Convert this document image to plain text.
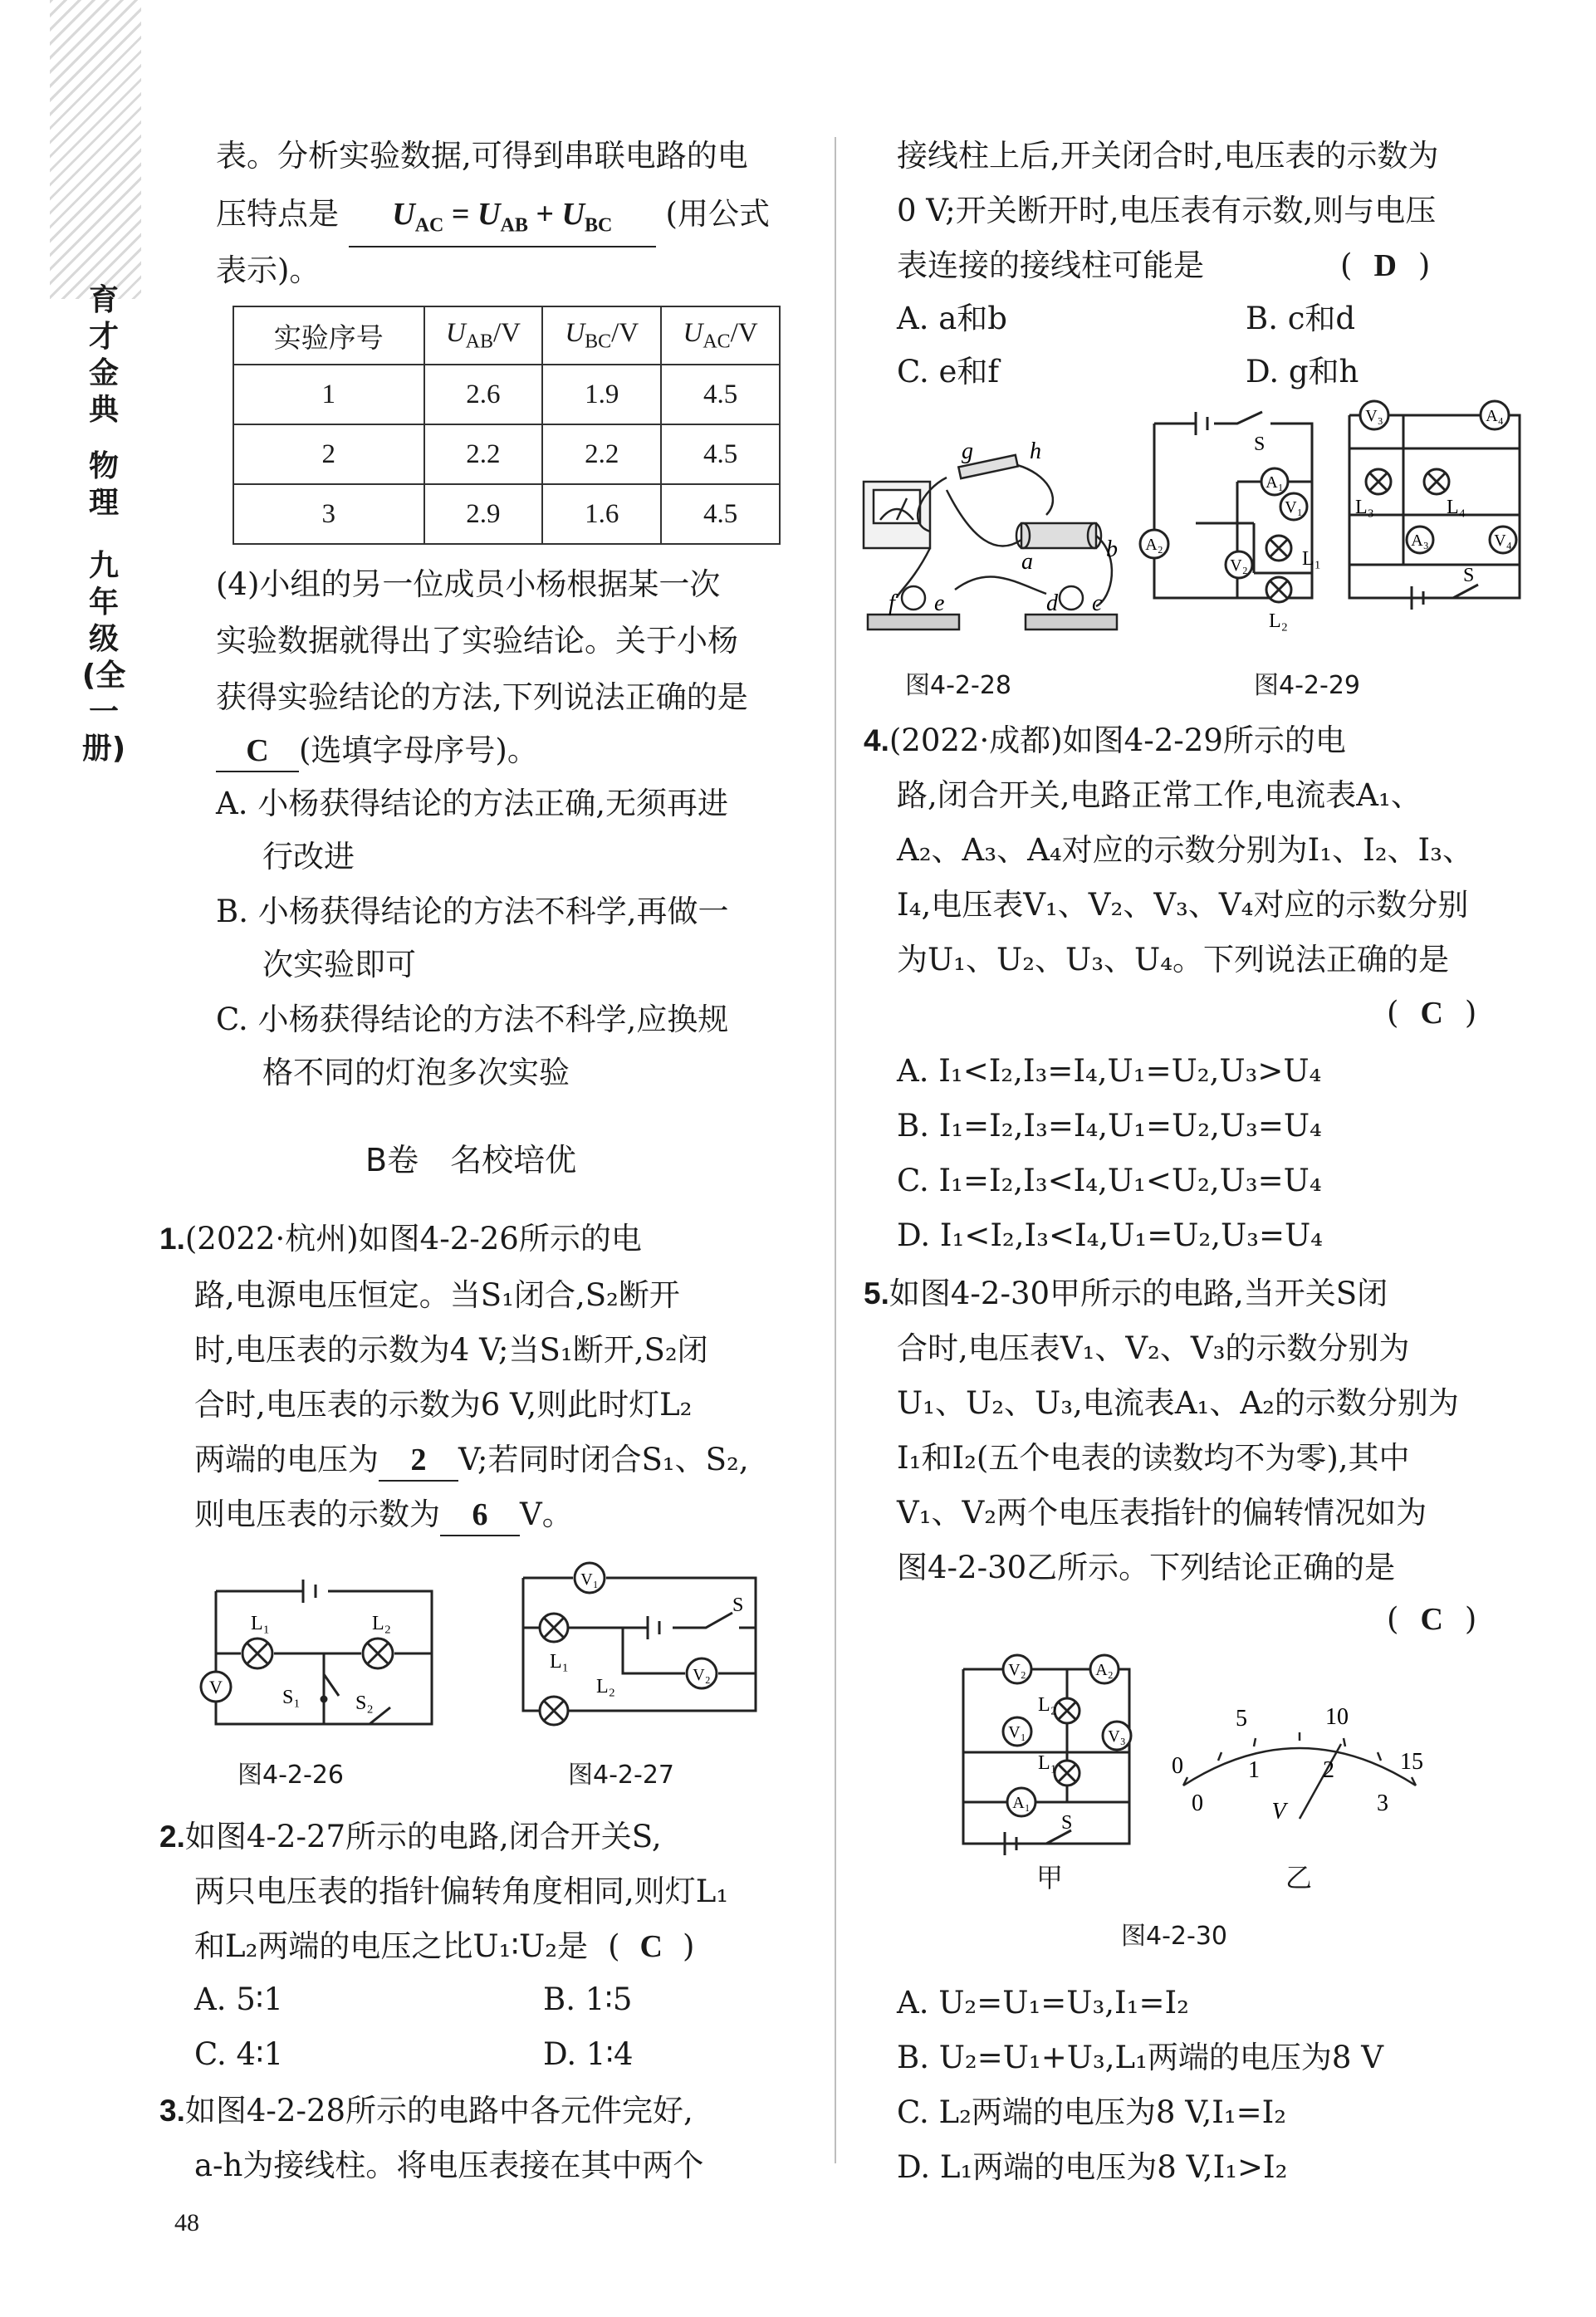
育
才
金
典
物
理
九
年
级
(全
一
册)
表。分析实验数据,可得到串联电路的电
压特点是 $U_{AC} = U_{AB} + U_{BC}$ (用公式
表示)。
实验序号	$U_{AB}/V$	$U_{BC}/V$	$U_{AC}/V$
1	2.6	1.9	4.5
2	2.2	2.2	4.5
3	2.9	1.6	4.5
(4)小组的另一位成员小杨根据某一次
实验数据就得出了实验结论。关于小杨
获得实验结论的方法,下列说法正确的是
C (选填字母序号)。
A. 小杨获得结论的方法正确,无须再进
行改进
B. 小杨获得结论的方法不科学,再做一
次实验即可
C. 小杨获得结论的方法不科学,应换规
格不同的灯泡多次实验
B卷　名校培优
1.(2022·杭州)如图4-2-26所示的电
路,电源电压恒定。当S₁闭合,S₂断开
时,电压表的示数为4 V;当S₁断开,S₂闭
合时,电压表的示数为6 V,则此时灯L₂
两端的电压为 2 V;若同时闭合S₁、S₂,
则电压表的示数为 6 V。
V
L₁	L₂
S₁	S₂
图4-2-26
V₁
V₂
S
L₁
L₂
图4-2-27
2.如图4-2-27所示的电路,闭合开关S,
两只电压表的指针偏转角度相同,则灯L₁
和L₂两端的电压之比U₁∶U₂是 ( C )
A. 5∶1	B. 1∶5
C. 4∶1	D. 1∶4
3.如图4-2-28所示的电路中各元件完好,
a-h为接线柱。将电压表接在其中两个
接线柱上后,开关闭合时,电压表的示数为
0 V;开关断开时,电压表有示数,则与电压
表连接的接线柱可能是	( D )
A. a和b	B. c和d
C. e和f	D. g和h
g h
b
a
f e	d c
图4-2-28
A₁
V₁
V₂
A₂
V₃	A₄
A₃	V₄
S
L₁
L₂
L₃	L₄
S
图4-2-29
4.(2022·成都)如图4-2-29所示的电
路,闭合开关,电路正常工作,电流表A₁、
A₂、A₃、A₄对应的示数分别为I₁、I₂、I₃、
I₄,电压表V₁、V₂、V₃、V₄对应的示数分别
为U₁、U₂、U₃、U₄。下列说法正确的是
( C )
A. I₁<I₂,I₃=I₄,U₁=U₂,U₃>U₄
B. I₁=I₂,I₃=I₄,U₁=U₂,U₃=U₄
C. I₁=I₂,I₃<I₄,U₁<U₂,U₃=U₄
D. I₁<I₂,I₃<I₄,U₁=U₂,U₃=U₄
5.如图4-2-30甲所示的电路,当开关S闭
合时,电压表V₁、V₂、V₃的示数分别为
U₁、U₂、U₃,电流表A₁、A₂的示数分别为
I₁和I₂(五个电表的读数均不为零),其中
V₁、V₂两个电压表指针的偏转情况如为
图4-2-30乙所示。下列结论正确的是
( C )
V₂	A₂
V₁	V₃
A₁
L₂
L₁
S
甲
0
5	10
15
0
1	2
3
V
乙
图4-2-30
A. U₂=U₁=U₃,I₁=I₂
B. U₂=U₁+U₃,L₁两端的电压为8 V
C. L₂两端的电压为8 V,I₁=I₂
D. L₁两端的电压为8 V,I₁>I₂
48
